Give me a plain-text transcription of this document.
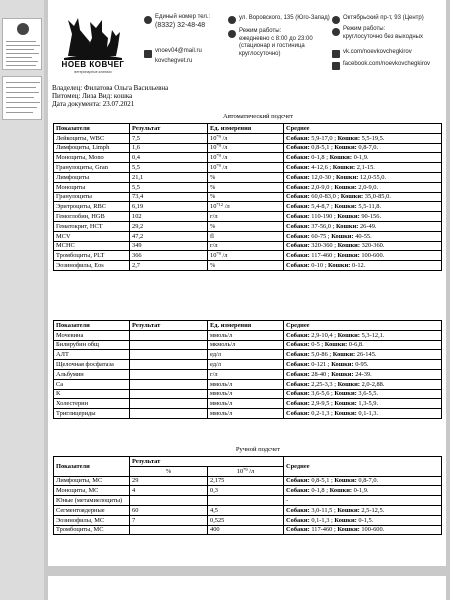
НОЕВ КОВЧЕГ
ветеринарные клиники
Единый номер тел.:
(8332) 32-48-48
vnoev04@mail.ru
kovchegvet.ru
ул. Воровского, 135 (Юго-Запад)
Режим работы:
ежедневно с 8:00 до 23:00
(стационар и гостиница
круглосуточно)
Октябрьский пр-т, 93 (Центр)
Режим работы:
круглосуточно без выходных
vk.com/noevkovchegkirov
facebook.com/noevkovchegkirov
Владелец: Филатова Ольга Васильевна
Питомец: Лиза Вид: кошка
Дата документа: 23.07.2021
Автоматический подсчет
Показатели	Результат	Ед. измерения	Среднее
Лейкоциты, WBC	7,5	10$^{*9}$ /л	Собаки: 5,9-17,0 ; Кошки: 5,5-19,5.
Лимфоциты, Limph	1,6	10$^{*9}$ /л	Собаки: 0,8-5,1 ; Кошки: 0,8-7,0.
Моноциты, Mono	0,4	10$^{*9}$ /л	Собаки: 0-1,8 ; Кошки: 0-1,9.
Гранулоциты, Gran	5,5	10$^{*9}$ /л	Собаки: 4-12,6 ; Кошки: 2,1-15.
Лимфоциты	21,1	%	Собаки: 12,0-30 ; Кошки: 12,0-55,0.
Моноциты	5,5	%	Собаки: 2,0-9,0 ; Кошки: 2,0-9,0.
Гранулоциты	73,4	%	Собаки: 60,0-83,0 ; Кошки: 35,0-85,0.
Эритроциты, RBC	6,19	10$^{*12}$ /л	Собаки: 5,4-8,7 ; Кошки: 5,5-11,8.
Гемоглобин, HGB	102	г/л	Собаки: 110-190 ; Кошки: 90-156.
Гематокрит, HCT	29,2	%	Собаки: 37-56,0 ; Кошки: 26-49.
MCV	47,2	fl	Собаки: 60-75 ; Кошки: 40-55.
MCHC	349	г/л	Собаки: 320-360 ; Кошки: 320-360.
Тромбоциты, PLT	366	10$^{*9}$ /л	Собаки: 117-460 ; Кошки: 100-600.
Эозинофилы, Eos	2,7	%	Собаки: 0-10 ; Кошки: 0-12.
Показатели	Результат	Ед. измерения	Среднее
Мочевина		ммоль/л	Собаки: 2,9-10,4 ; Кошки: 5,3-12,1.
Билирубин общ		мкмоль/л	Собаки: 0-5 ; Кошки: 0-6,8.
АЛТ		ед/л	Собаки: 5,0-86 ; Кошки: 26-145.
Щелочная фосфатаза		ед/л	Собаки: 0-121 ; Кошки: 0-95.
Альбумин		г/л	Собаки: 28-40 ; Кошки: 24-39.
Ca		ммоль/л	Собаки: 2,25-3,3 ; Кошки: 2,0-2,88.
K		ммоль/л	Собаки: 3,6-5,6 ; Кошки: 3,6-5,5.
Холестерин		ммоль/л	Собаки: 2,9-9,5 ; Кошки: 1,3-5,9.
Триглицериды		ммоль/л	Собаки: 0,2-1,3 ; Кошки: 0,1-1,3.
Ручной подсчет
Показатели	Результат		Среднее
	%	10$^{*9}$ /л	
Лимфоциты, МС	29	2,175	Собаки: 0,8-5,1 ; Кошки: 0,8-7,0.
Моноциты, МС	4	0,3	Собаки: 0-1,8 ; Кошки: 0-1,9.
Юные (метамиелоциты)			-
Сегментоядерные	60	4,5	Собаки: 3,0-11,5 ; Кошки: 2,5-12,5.
Эозинофилы, МС	7	0,525	Собаки: 0,1-1,3 ; Кошки: 0-1,5.
Тромбоциты, МС		400	Собаки: 117-460 ; Кошки: 100-600.
